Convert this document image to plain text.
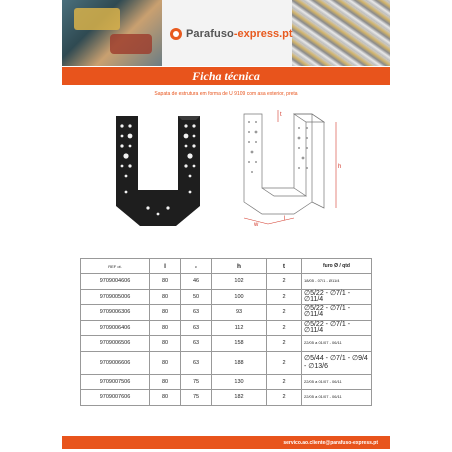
Parafuso -express.pt
Ficha técnica
Sapata de estrutura em forma de U 9109 com asa exterior, preta
t
h
w
l
REF ot.	l	c	h	t	furo Ø / qtd
9709004606	80	46	102	2	18/05 - 07/1 - Ø11/4
9709005006	80	50	100	2	∅5/22 - ∅7/1 - ∅11/4
9709006306	80	63	93	2	∅5/22 - ∅7/1 - ∅11/4
9709006406	80	63	112	2	∅5/22 - ∅7/1 - ∅11/4
9709006506	80	63	158	2	22/05 a 01/07 - 06/11
9709006606	80	63	188	2	∅5/44 - ∅7/1 - ∅9/4 - ∅13/6
9709007506	80	75	130	2	22/05 a 01/07 - 06/11
9709007606	80	75	182	2	22/05 a 01/07 - 06/11
servico.ao.cliente@parafuso-express.pt
